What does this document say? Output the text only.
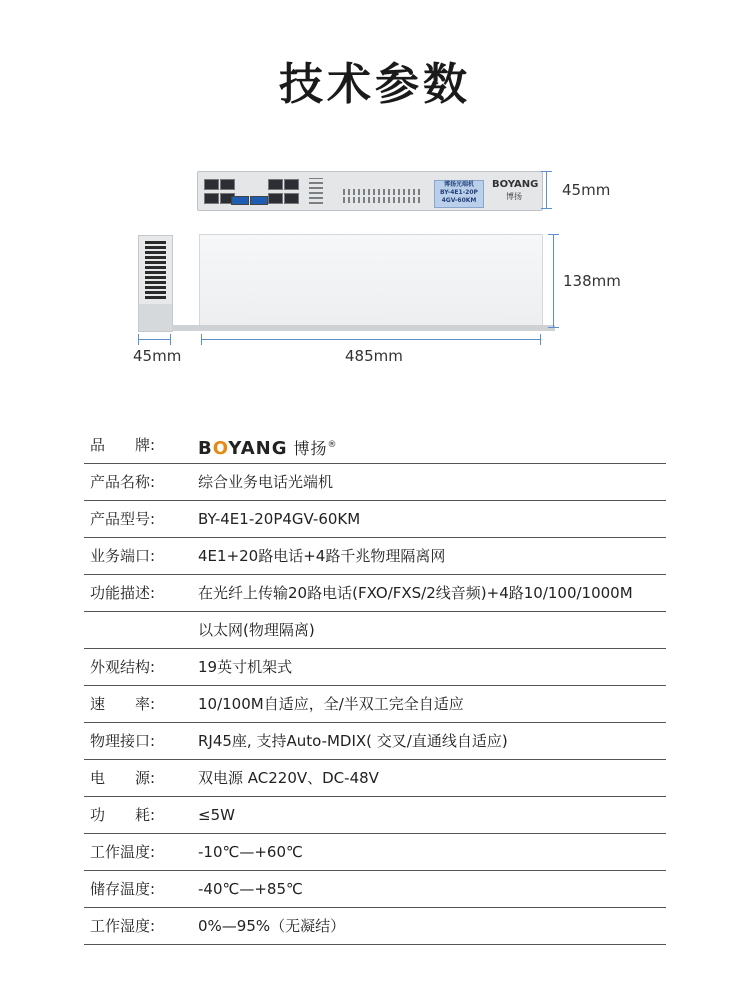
技术参数
博扬光端机
BY-4E1-20P
4GV-60KM
BOYANG
博扬	45mm
138mm
45mm	485mm
品　　牌:	BOYANG 博扬®
产品名称:	综合业务电话光端机
产品型号:	BY-4E1-20P4GV-60KM
业务端口:	4E1+20路电话+4路千兆物理隔离网
功能描述:	在光纤上传输20路电话(FXO/FXS/2线音频)+4路10/100/1000M
以太网(物理隔离)
外观结构:	19英寸机架式
速　　率:	10/100M自适应，全/半双工完全自适应
物理接口:	RJ45座, 支持Auto-MDIX( 交叉/直通线自适应)
电　　源:	双电源 AC220V、DC-48V
功　　耗:	≤5W
工作温度:	-10℃—+60℃
储存温度:	-40℃—+85℃
工作湿度:	0%—95%（无凝结）
